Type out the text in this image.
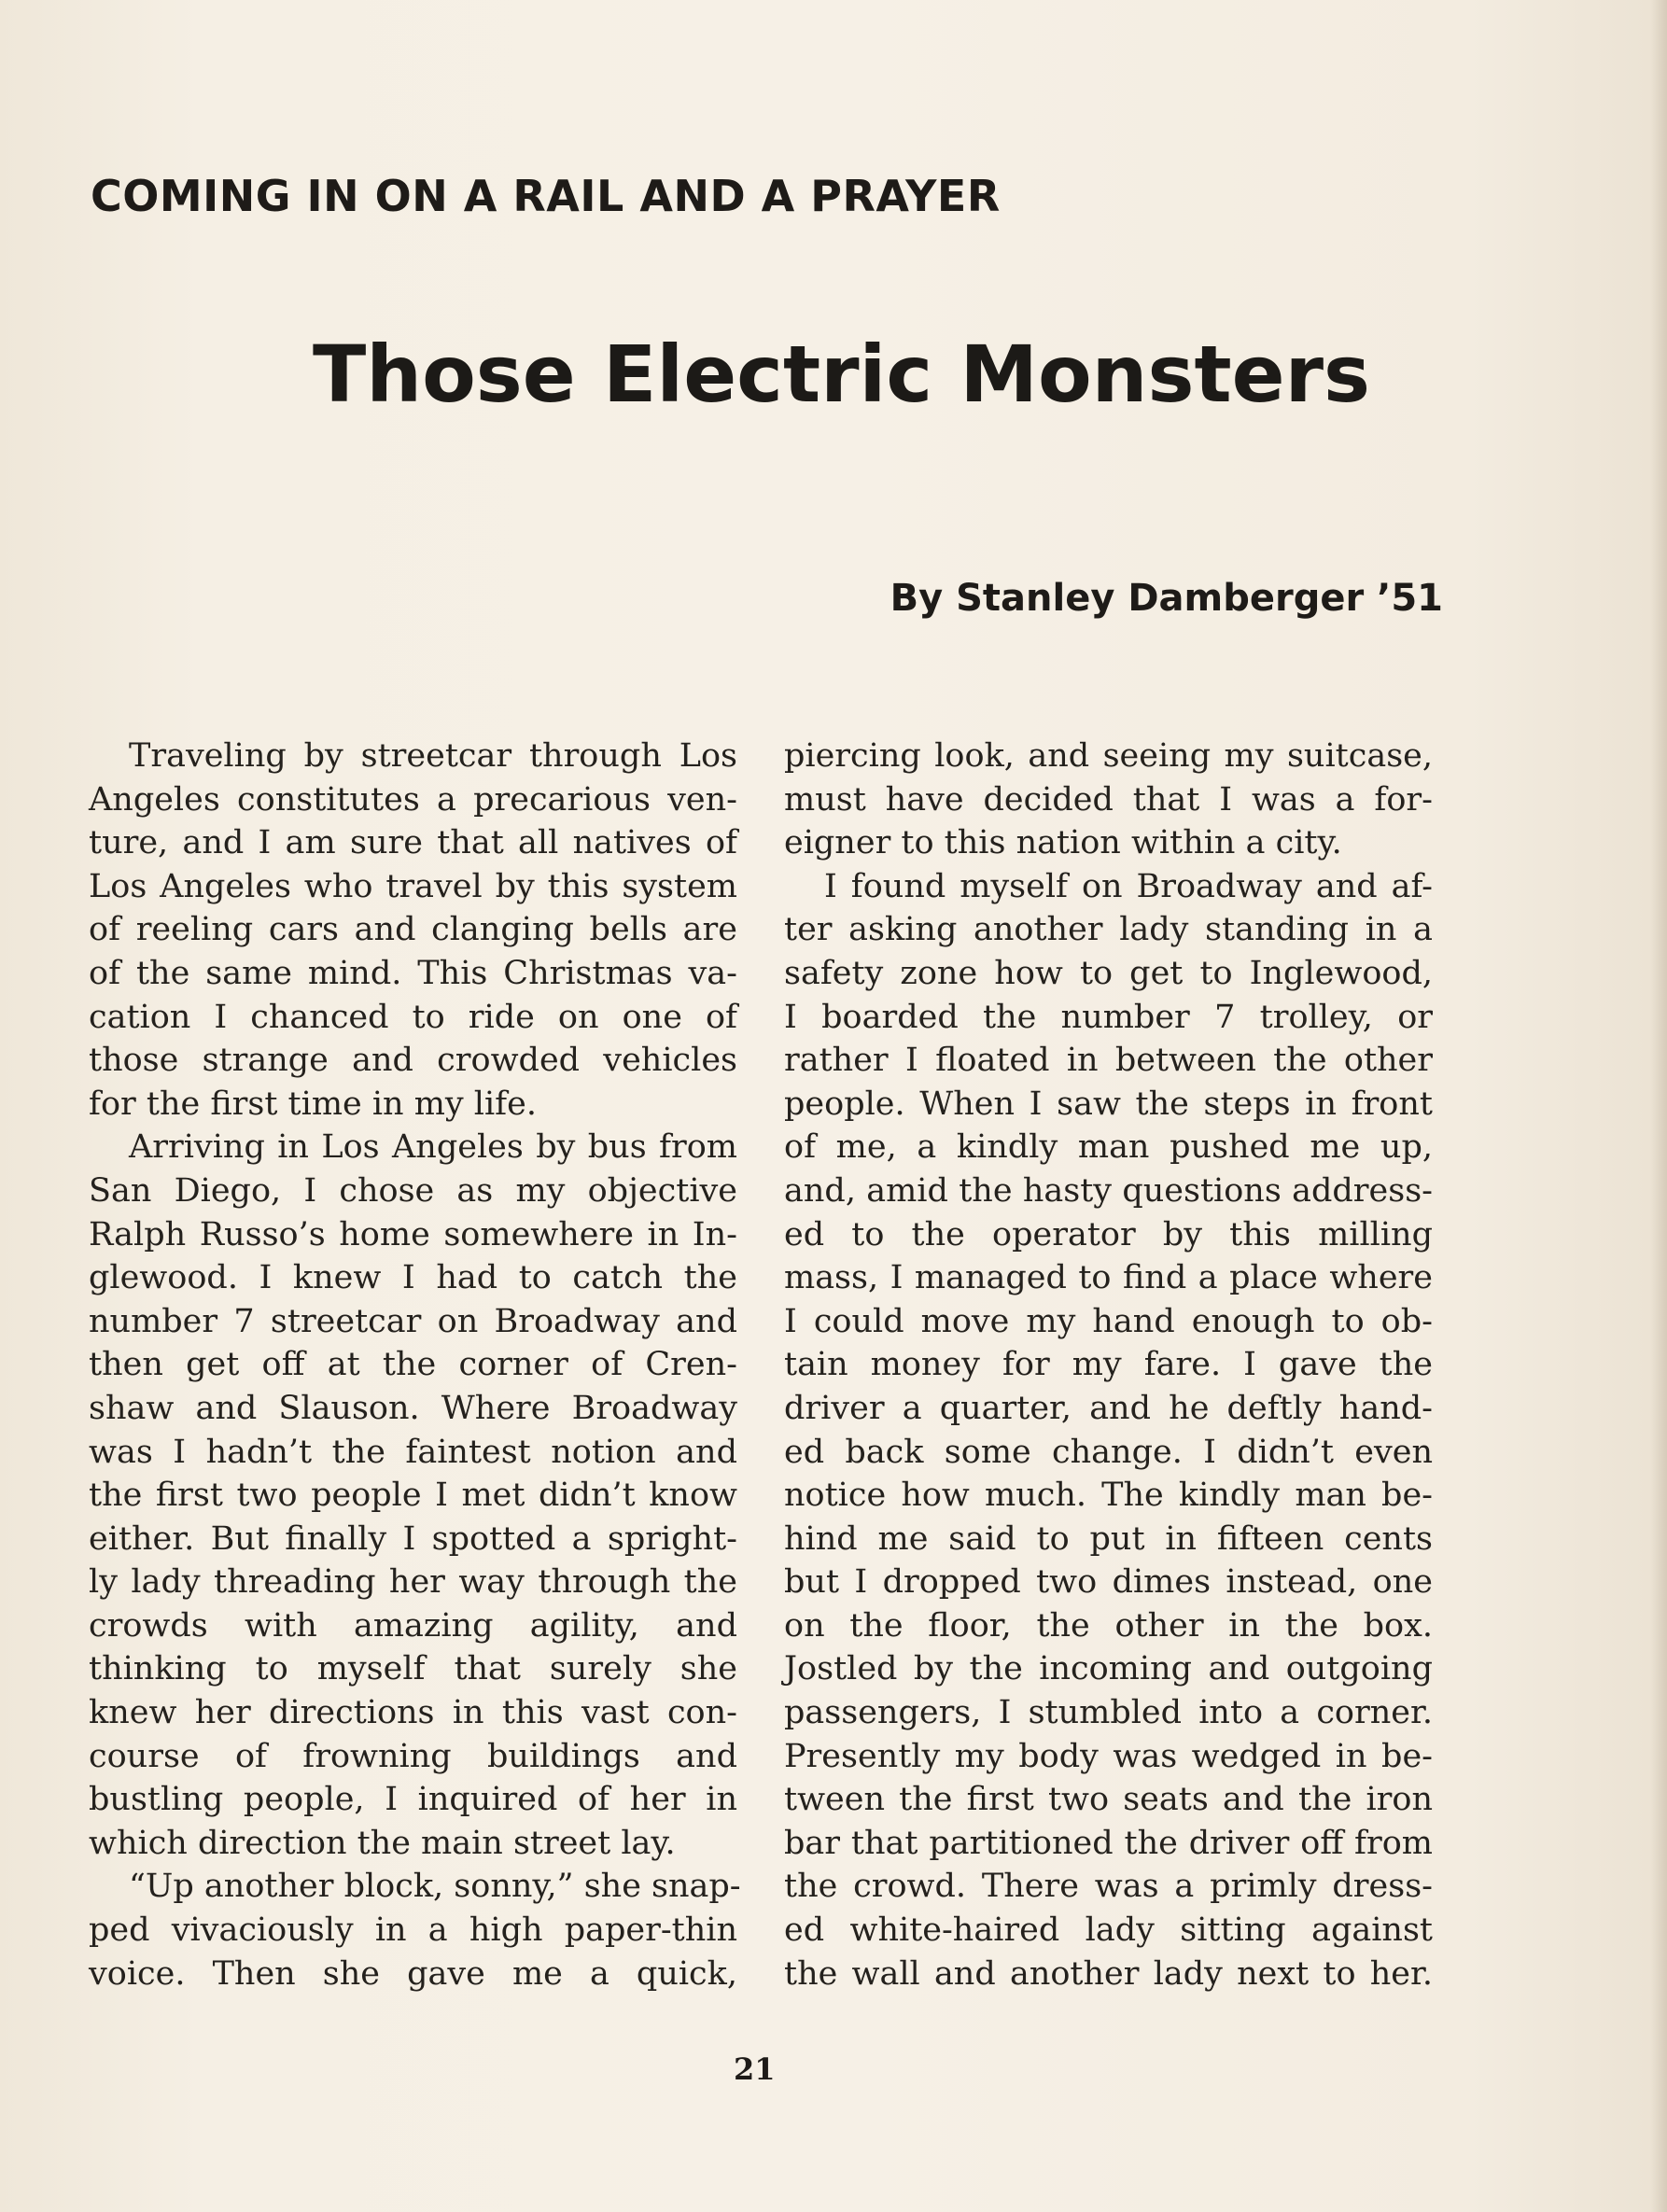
COMING IN ON A RAIL AND A PRAYER
Those Electric Monsters
By Stanley Damberger ’51
Traveling by streetcar through Los
Angeles constitutes a precarious ven-
ture, and I am sure that all natives of
Los Angeles who travel by this system
of reeling cars and clanging bells are
of the same mind. This Christmas va-
cation I chanced to ride on one of
those strange and crowded vehicles
for the first time in my life.
Arriving in Los Angeles by bus from
San Diego, I chose as my objective
Ralph Russo’s home somewhere in In-
glewood. I knew I had to catch the
number 7 streetcar on Broadway and
then get off at the corner of Cren-
shaw and Slauson. Where Broadway
was I hadn’t the faintest notion and
the first two people I met didn’t know
either. But finally I spotted a spright-
ly lady threading her way through the
crowds with amazing agility, and
thinking to myself that surely she
knew her directions in this vast con-
course of frowning buildings and
bustling people, I inquired of her in
which direction the main street lay.
“Up another block, sonny,” she snap-
ped vivaciously in a high paper-thin
voice. Then she gave me a quick,
piercing look, and seeing my suitcase,
must have decided that I was a for-
eigner to this nation within a city.
I found myself on Broadway and af-
ter asking another lady standing in a
safety zone how to get to Inglewood,
I boarded the number 7 trolley, or
rather I floated in between the other
people. When I saw the steps in front
of me, a kindly man pushed me up,
and, amid the hasty questions address-
ed to the operator by this milling
mass, I managed to find a place where
I could move my hand enough to ob-
tain money for my fare. I gave the
driver a quarter, and he deftly hand-
ed back some change. I didn’t even
notice how much. The kindly man be-
hind me said to put in fifteen cents
but I dropped two dimes instead, one
on the floor, the other in the box.
Jostled by the incoming and outgoing
passengers, I stumbled into a corner.
Presently my body was wedged in be-
tween the first two seats and the iron
bar that partitioned the driver off from
the crowd. There was a primly dress-
ed white-haired lady sitting against
the wall and another lady next to her.
21
